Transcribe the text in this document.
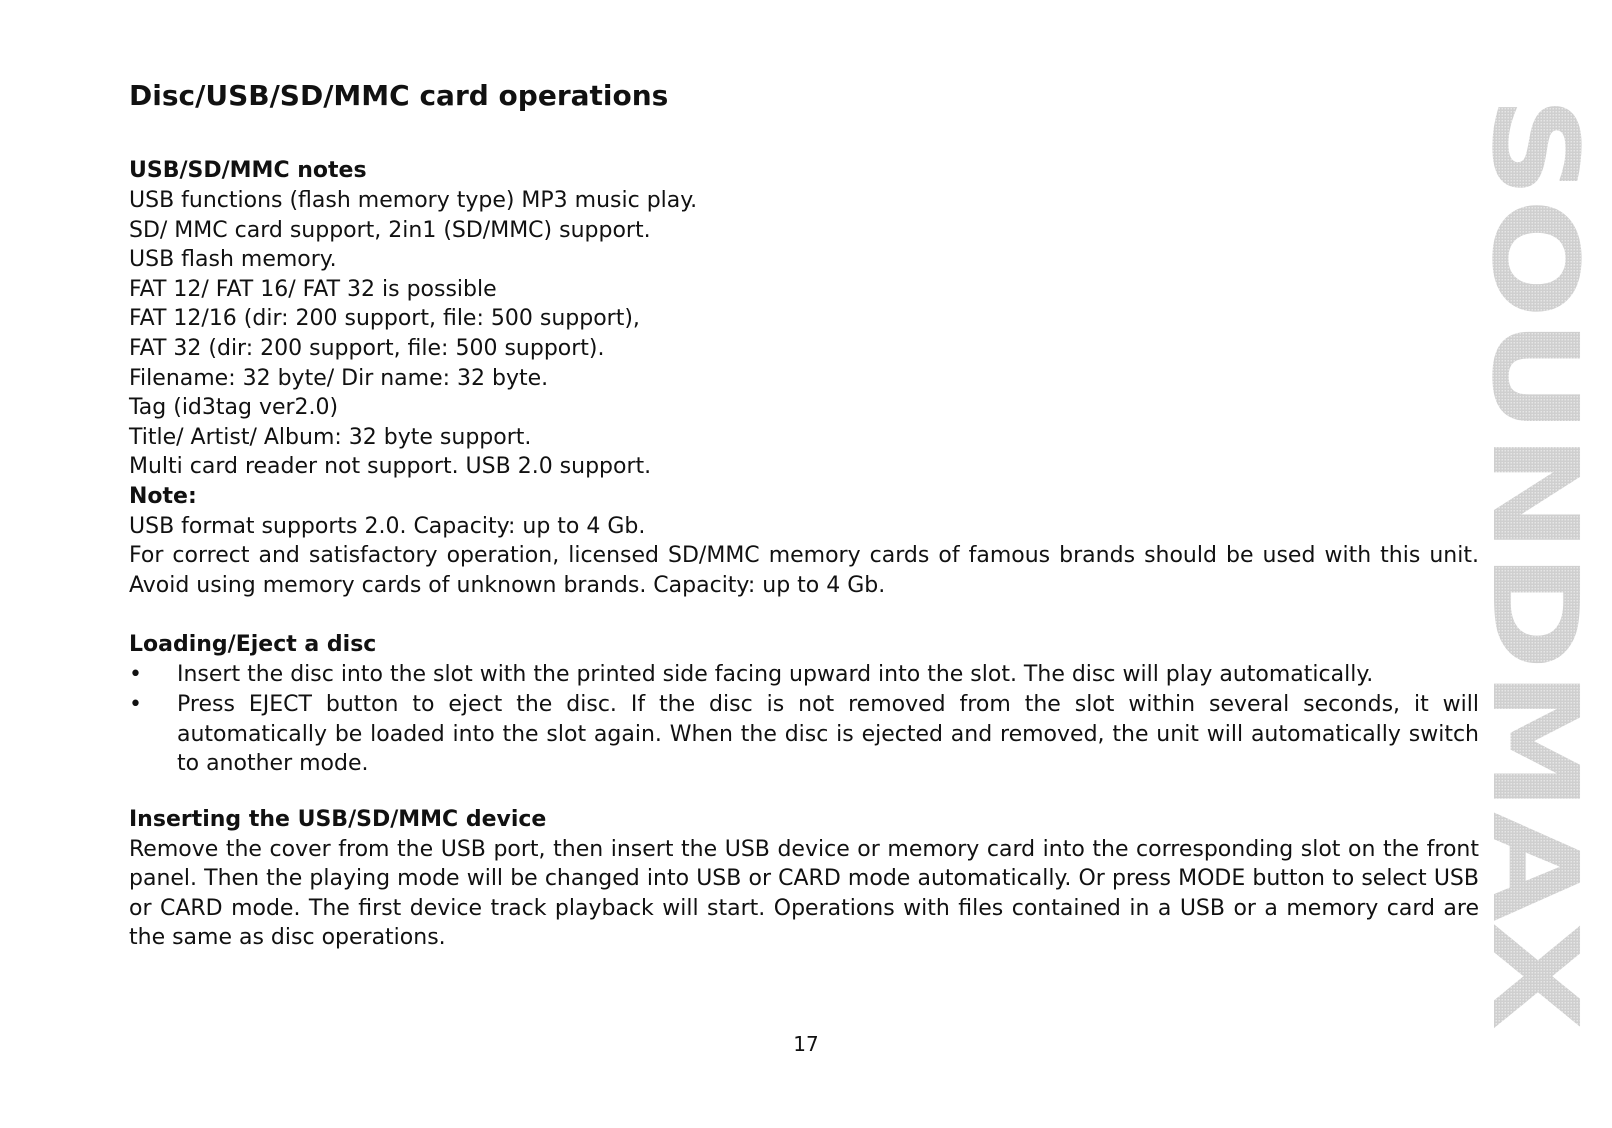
Disc/USB/SD/MMC card operations

USB/SD/MMC notes

USB functions (flash memory type) MP3 music play.

SD/ MMC card support, 2in1 (SD/MMC) support.

USB flash memory.

FAT 12/ FAT 16/ FAT 32 is possible

FAT 12/16 (dir: 200 support, file: 500 support),

FAT 32 (dir: 200 support, file: 500 support).

Filename: 32 byte/ Dir name: 32 byte.

Tag (id3tag ver2.0)

Title/ Artist/ Album: 32 byte support.

Multi card reader not support. USB 2.0 support.

Note:

USB format supports 2.0. Capacity: up to 4 Gb.

For correct and satisfactory operation, licensed SD/MMC memory cards of famous brands should be used with this unit. Avoid using memory cards of unknown brands. Capacity: up to 4 Gb.

Loading/Eject a disc

•	Insert the disc into the slot with the printed side facing upward into the slot. The disc will play automatically.
•	Press EJECT button to eject the disc. If the disc is not removed from the slot within several seconds, it will automatically be loaded into the slot again. When the disc is ejected and removed, the unit will automatically switch to another mode.

Inserting the USB/SD/MMC device

Remove the cover from the USB port, then insert the USB device or memory card into the corresponding slot on the front panel. Then the playing mode will be changed into USB or CARD mode automatically. Or press MODE button to select USB or CARD mode. The first device track playback will start. Operations with files contained in a USB or a memory card are the same as disc operations.

17
SOUNDMAX
